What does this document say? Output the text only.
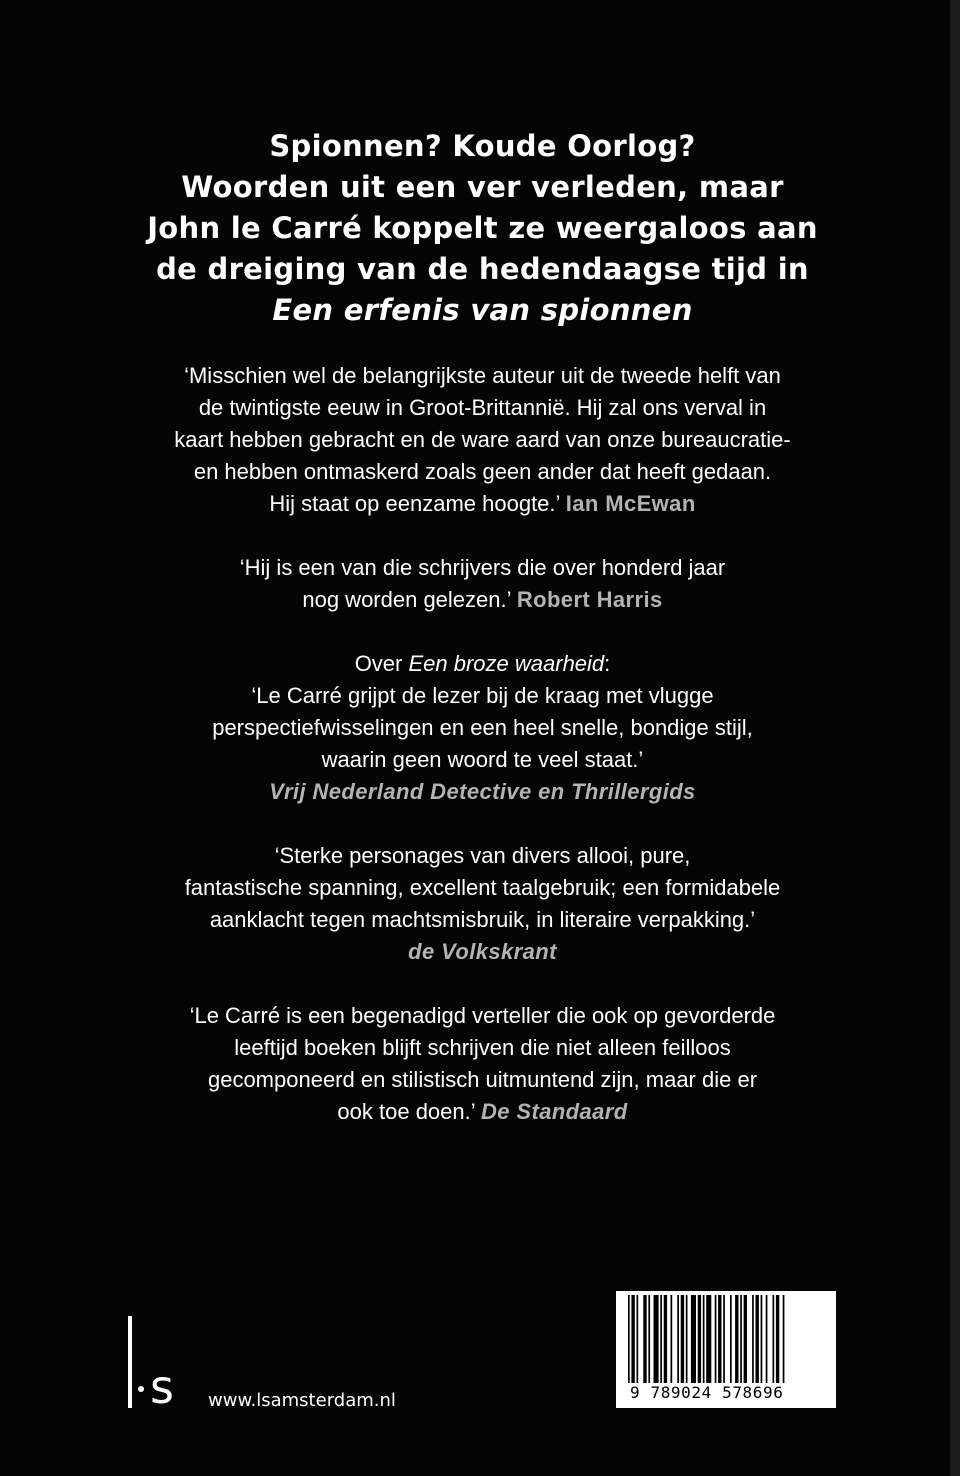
Spionnen? Koude Oorlog?
Woorden uit een ver verleden, maar
John le Carré koppelt ze weergaloos aan
de dreiging van de hedendaagse tijd in
Een erfenis van spionnen
‘Misschien wel de belangrijkste auteur uit de tweede helft van
de twintigste eeuw in Groot-Brittannië. Hij zal ons verval in
kaart hebben gebracht en de ware aard van onze bureaucratie-
en hebben ontmaskerd zoals geen ander dat heeft gedaan.
Hij staat op eenzame hoogte.’ Ian McEwan
‘Hij is een van die schrijvers die over honderd jaar
nog worden gelezen.’ Robert Harris
Over Een broze waarheid:
‘Le Carré grijpt de lezer bij de kraag met vlugge
perspectiefwisselingen en een heel snelle, bondige stijl,
waarin geen woord te veel staat.’
Vrij Nederland Detective en Thrillergids
‘Sterke personages van divers allooi, pure,
fantastische spanning, excellent taalgebruik; een formidabele
aanklacht tegen machtsmisbruik, in literaire verpakking.’
de Volkskrant
‘Le Carré is een begenadigd verteller die ook op gevorderde
leeftijd boeken blijft schrijven die niet alleen feilloos
gecomponeerd en stilistisch uitmuntend zijn, maar die er
ook toe doen.’ De Standaard
s www.lsamsterdam.nl	9 789024 578696
